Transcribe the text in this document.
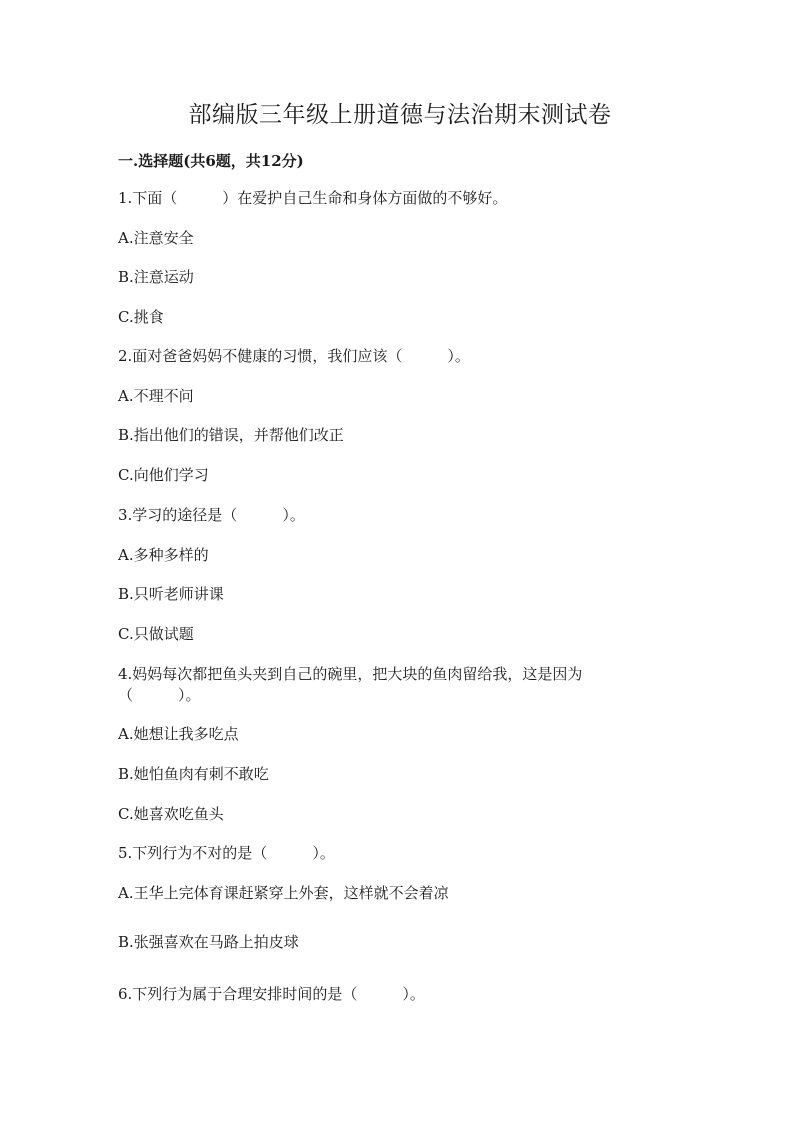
部编版三年级上册道德与法治期末测试卷
一.选择题(共6题，共12分)
1.下面（　　　）在爱护自己生命和身体方面做的不够好。
A.注意安全
B.注意运动
C.挑食
2.面对爸爸妈妈不健康的习惯，我们应该（　　　）。
A.不理不问
B.指出他们的错误，并帮他们改正
C.向他们学习
3.学习的途径是（　　　）。
A.多种多样的
B.只听老师讲课
C.只做试题
4.妈妈每次都把鱼头夹到自己的碗里，把大块的鱼肉留给我，这是因为
（　　　）。
A.她想让我多吃点
B.她怕鱼肉有刺不敢吃
C.她喜欢吃鱼头
5.下列行为不对的是（　　　）。
A.王华上完体育课赶紧穿上外套，这样就不会着凉
B.张强喜欢在马路上拍皮球
6.下列行为属于合理安排时间的是（　　　）。
